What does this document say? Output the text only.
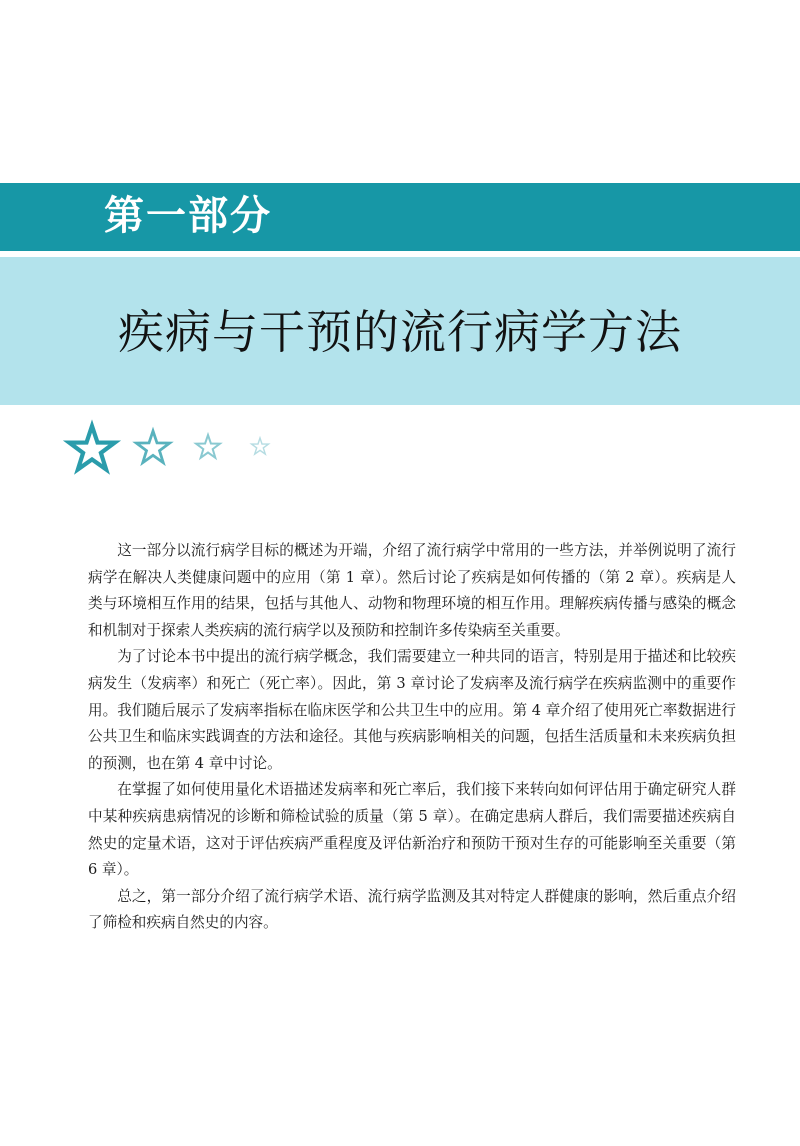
第一部分
疾病与干预的流行病学方法

这一部分以流行病学目标的概述为开端，介绍了流行病学中常用的一些方法，并举例说明了流行病学在解决人类健康问题中的应用（第 1 章）。然后讨论了疾病是如何传播的（第 2 章）。疾病是人类与环境相互作用的结果，包括与其他人、动物和物理环境的相互作用。理解疾病传播与感染的概念和机制对于探索人类疾病的流行病学以及预防和控制许多传染病至关重要。

为了讨论本书中提出的流行病学概念，我们需要建立一种共同的语言，特别是用于描述和比较疾病发生（发病率）和死亡（死亡率）。因此，第 3 章讨论了发病率及流行病学在疾病监测中的重要作用。我们随后展示了发病率指标在临床医学和公共卫生中的应用。第 4 章介绍了使用死亡率数据进行公共卫生和临床实践调查的方法和途径。其他与疾病影响相关的问题，包括生活质量和未来疾病负担的预测，也在第 4 章中讨论。

在掌握了如何使用量化术语描述发病率和死亡率后，我们接下来转向如何评估用于确定研究人群中某种疾病患病情况的诊断和筛检试验的质量（第 5 章）。在确定患病人群后，我们需要描述疾病自然史的定量术语，这对于评估疾病严重程度及评估新治疗和预防干预对生存的可能影响至关重要（第 6 章）。

总之，第一部分介绍了流行病学术语、流行病学监测及其对特定人群健康的影响，然后重点介绍了筛检和疾病自然史的内容。
